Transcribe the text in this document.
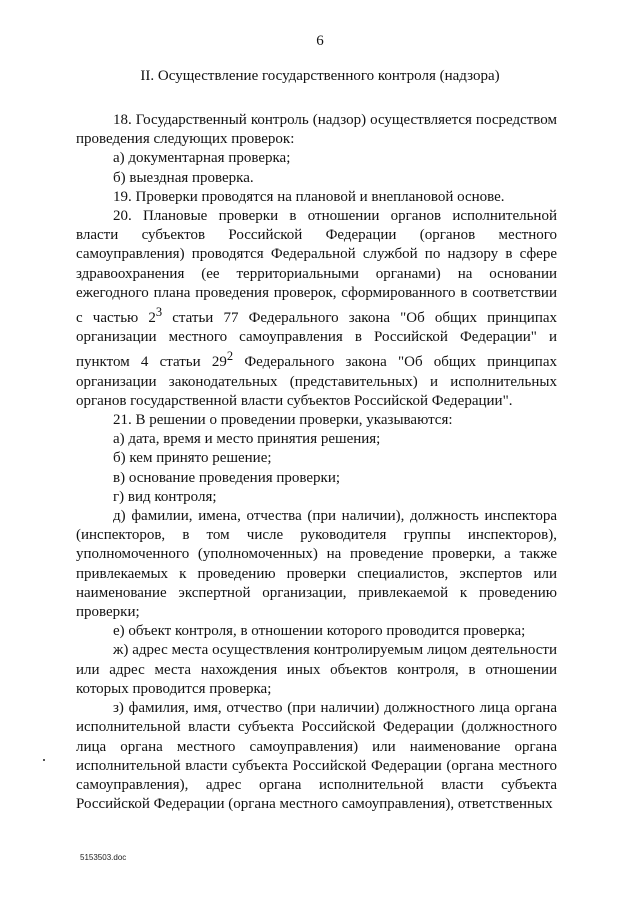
6
II. Осуществление государственного контроля (надзора)

18. Государственный контроль (надзор) осуществляется посредством проведения следующих проверок:

а) документарная проверка;

б) выездная проверка.

19. Проверки проводятся на плановой и внеплановой основе.

20. Плановые проверки в отношении органов исполнительной власти субъектов Российской Федерации (органов местного самоуправления) проводятся Федеральной службой по надзору в сфере здравоохранения (ее территориальными органами) на основании ежегодного плана проведения проверок, сформированного в соответствии с частью $2^3$ статьи 77 Федерального закона "Об общих принципах организации местного самоуправления в Российской Федерации" и пунктом 4 статьи $29^2$ Федерального закона "Об общих принципах организации законодательных (представительных) и исполнительных органов государственной власти субъектов Российской Федерации".

21. В решении о проведении проверки, указываются:

а) дата, время и место принятия решения;

б) кем принято решение;

в) основание проведения проверки;

г) вид контроля;

д) фамилии, имена, отчества (при наличии), должность инспектора (инспекторов, в том числе руководителя группы инспекторов), уполномоченного (уполномоченных) на проведение проверки, а также привлекаемых к проведению проверки специалистов, экспертов или наименование экспертной организации, привлекаемой к проведению проверки;

е) объект контроля, в отношении которого проводится проверка;

ж) адрес места осуществления контролируемым лицом деятельности или адрес места нахождения иных объектов контроля, в отношении которых проводится проверка;

з) фамилия, имя, отчество (при наличии) должностного лица органа исполнительной власти субъекта Российской Федерации (должностного лица органа местного самоуправления) или наименование органа исполнительной власти субъекта Российской Федерации (органа местного самоуправления), адрес органа исполнительной власти субъекта Российской Федерации (органа местного самоуправления), ответственных

5153503.doc
